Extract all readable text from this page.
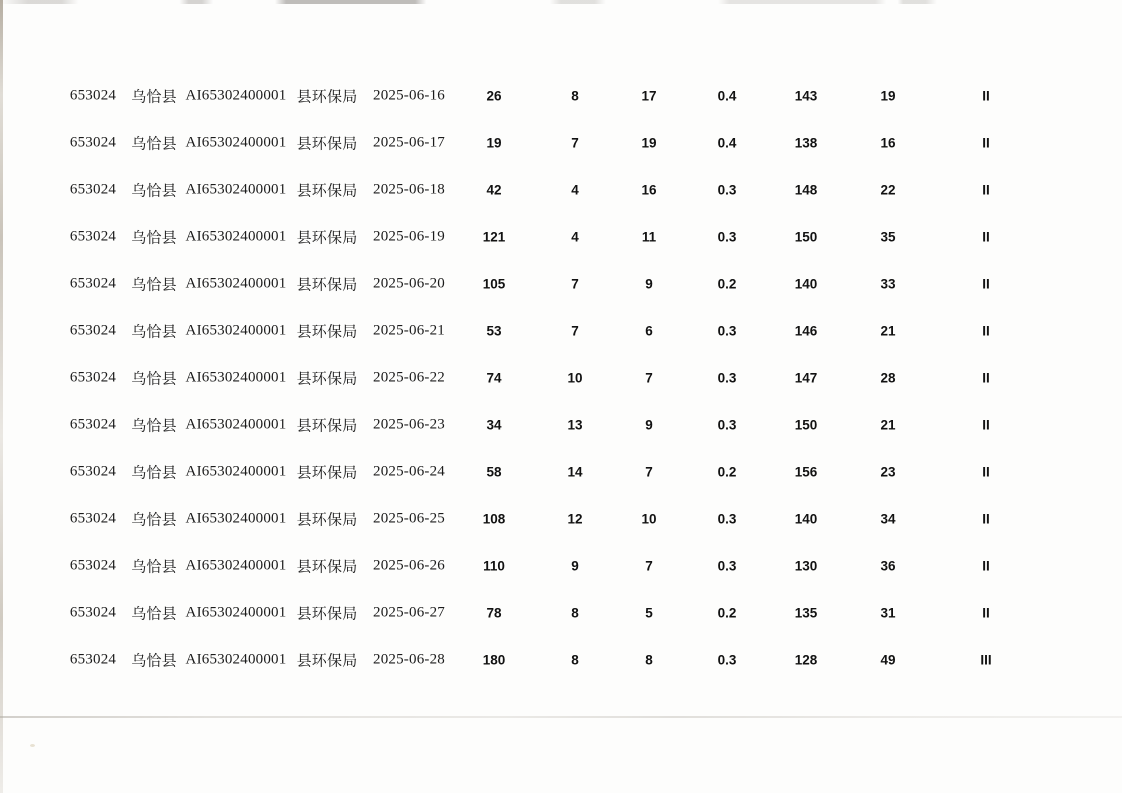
653024 乌恰县 AI65302400001 县环保局 2025-06-16	26	8	17	0.4	143	19	II
653024 乌恰县 AI65302400001 县环保局 2025-06-17	19	7	19	0.4	138	16	II
653024 乌恰县 AI65302400001 县环保局 2025-06-18	42	4	16	0.3	148	22	II
653024 乌恰县 AI65302400001 县环保局 2025-06-19	121	4	11	0.3	150	35	II
653024 乌恰县 AI65302400001 县环保局 2025-06-20	105	7	9	0.2	140	33	II
653024 乌恰县 AI65302400001 县环保局 2025-06-21	53	7	6	0.3	146	21	II
653024 乌恰县 AI65302400001 县环保局 2025-06-22	74	10	7	0.3	147	28	II
653024 乌恰县 AI65302400001 县环保局 2025-06-23	34	13	9	0.3	150	21	II
653024 乌恰县 AI65302400001 县环保局 2025-06-24	58	14	7	0.2	156	23	II
653024 乌恰县 AI65302400001 县环保局 2025-06-25	108	12	10	0.3	140	34	II
653024 乌恰县 AI65302400001 县环保局 2025-06-26	110	9	7	0.3	130	36	II
653024 乌恰县 AI65302400001 县环保局 2025-06-27	78	8	5	0.2	135	31	II
653024 乌恰县 AI65302400001 县环保局 2025-06-28	180	8	8	0.3	128	49	III
